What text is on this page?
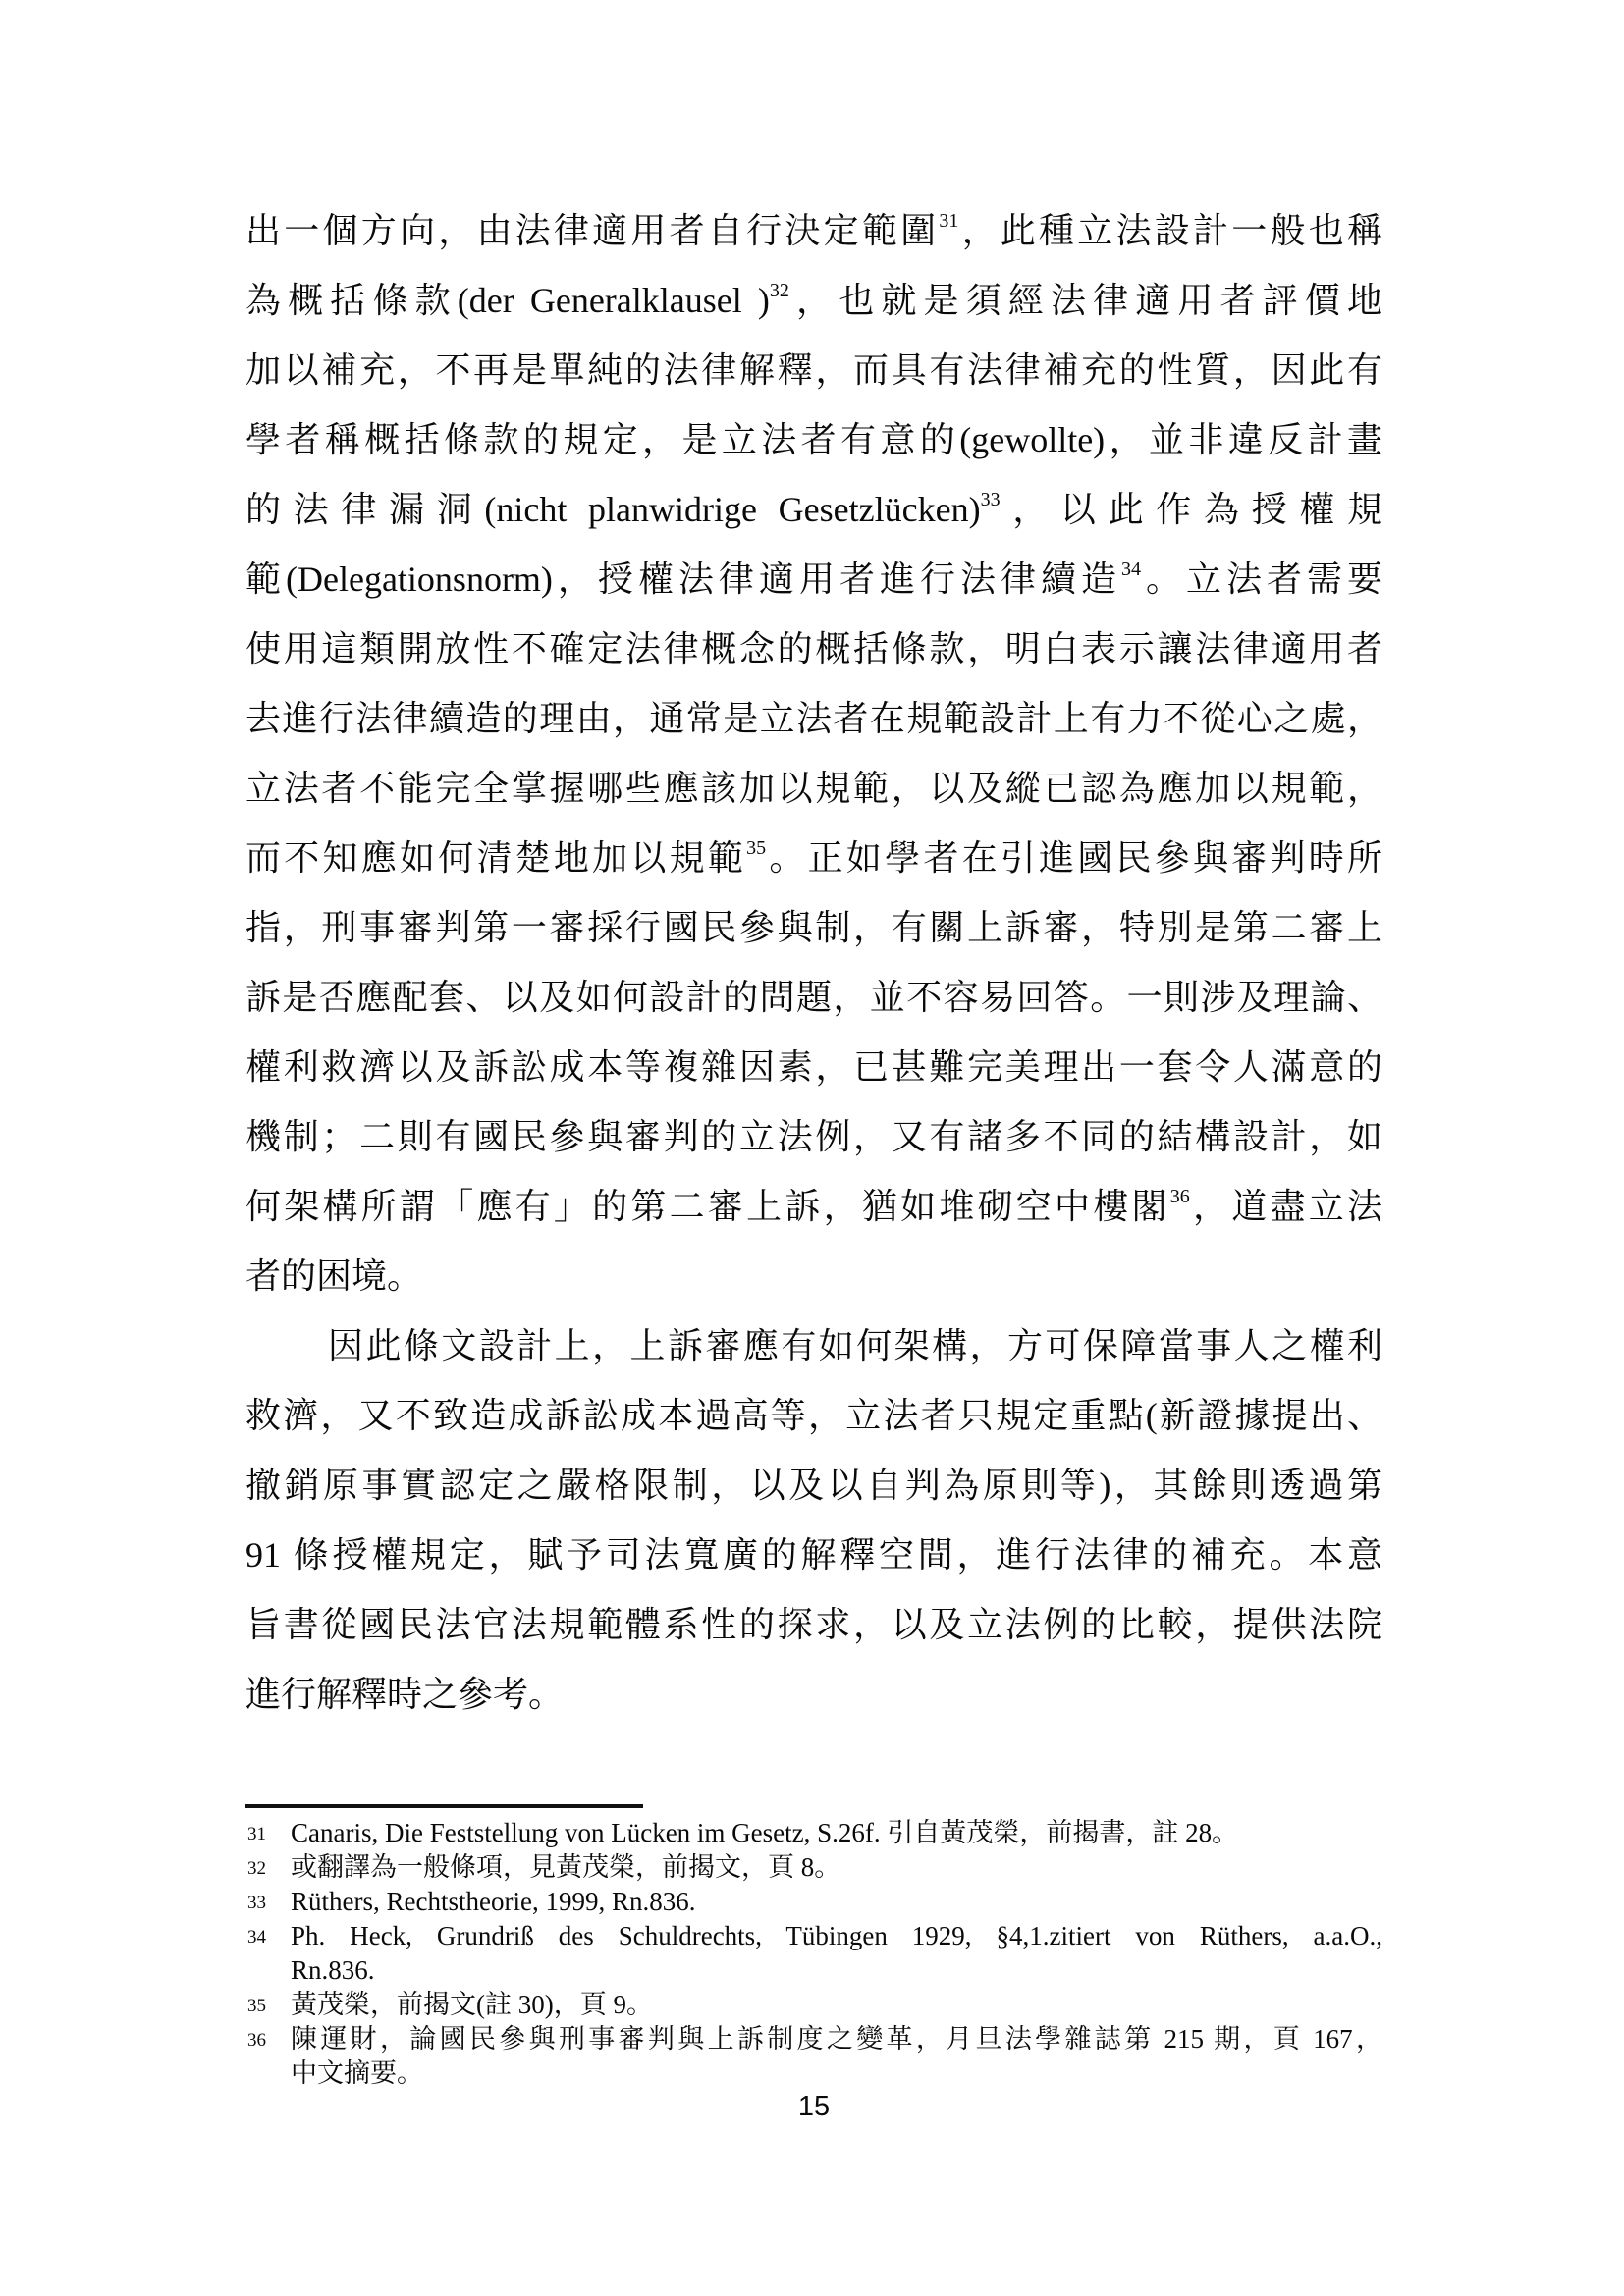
出一個方向，由法律適用者自行決定範圍$^{31}$，此種立法設計一般也稱
為概括條款(der Generalklausel )$^{32}$，也就是須經法律適用者評價地
加以補充，不再是單純的法律解釋，而具有法律補充的性質，因此有
學者稱概括條款的規定，是立法者有意的(gewollte)，並非違反計畫
的法律漏洞(nicht planwidrige Gesetzlücken)$^{33}$，以此作為授權規
範(Delegationsnorm)，授權法律適用者進行法律續造$^{34}$。立法者需要
使用這類開放性不確定法律概念的概括條款，明白表示讓法律適用者
去進行法律續造的理由，通常是立法者在規範設計上有力不從心之處，
立法者不能完全掌握哪些應該加以規範，以及縱已認為應加以規範，
而不知應如何清楚地加以規範$^{35}$。正如學者在引進國民參與審判時所
指，刑事審判第一審採行國民參與制，有關上訴審，特別是第二審上
訴是否應配套、以及如何設計的問題，並不容易回答。一則涉及理論、
權利救濟以及訴訟成本等複雜因素，已甚難完美理出一套令人滿意的
機制；二則有國民參與審判的立法例，又有諸多不同的結構設計，如
何架構所謂「應有」的第二審上訴，猶如堆砌空中樓閣$^{36}$，道盡立法
者的困境。
因此條文設計上，上訴審應有如何架構，方可保障當事人之權利
救濟，又不致造成訴訟成本過高等，立法者只規定重點(新證據提出、
撤銷原事實認定之嚴格限制，以及以自判為原則等)，其餘則透過第
91 條授權規定，賦予司法寬廣的解釋空間，進行法律的補充。本意
旨書從國民法官法規範體系性的探求，以及立法例的比較，提供法院
進行解釋時之參考。
31 Canaris, Die Feststellung von Lücken im Gesetz, S.26f. 引自黃茂榮，前揭書，註 28。
32 或翻譯為一般條項，見黃茂榮，前揭文，頁 8。
33 Rüthers, Rechtstheorie, 1999, Rn.836.
34 Ph. Heck, Grundriß des Schuldrechts, Tübingen 1929, §4,1.zitiert von Rüthers, a.a.O.,
Rn.836.
35 黃茂榮，前揭文(註 30)，頁 9。
36 陳運財，論國民參與刑事審判與上訴制度之變革，月旦法學雜誌第 215 期，頁 167，
中文摘要。
15
